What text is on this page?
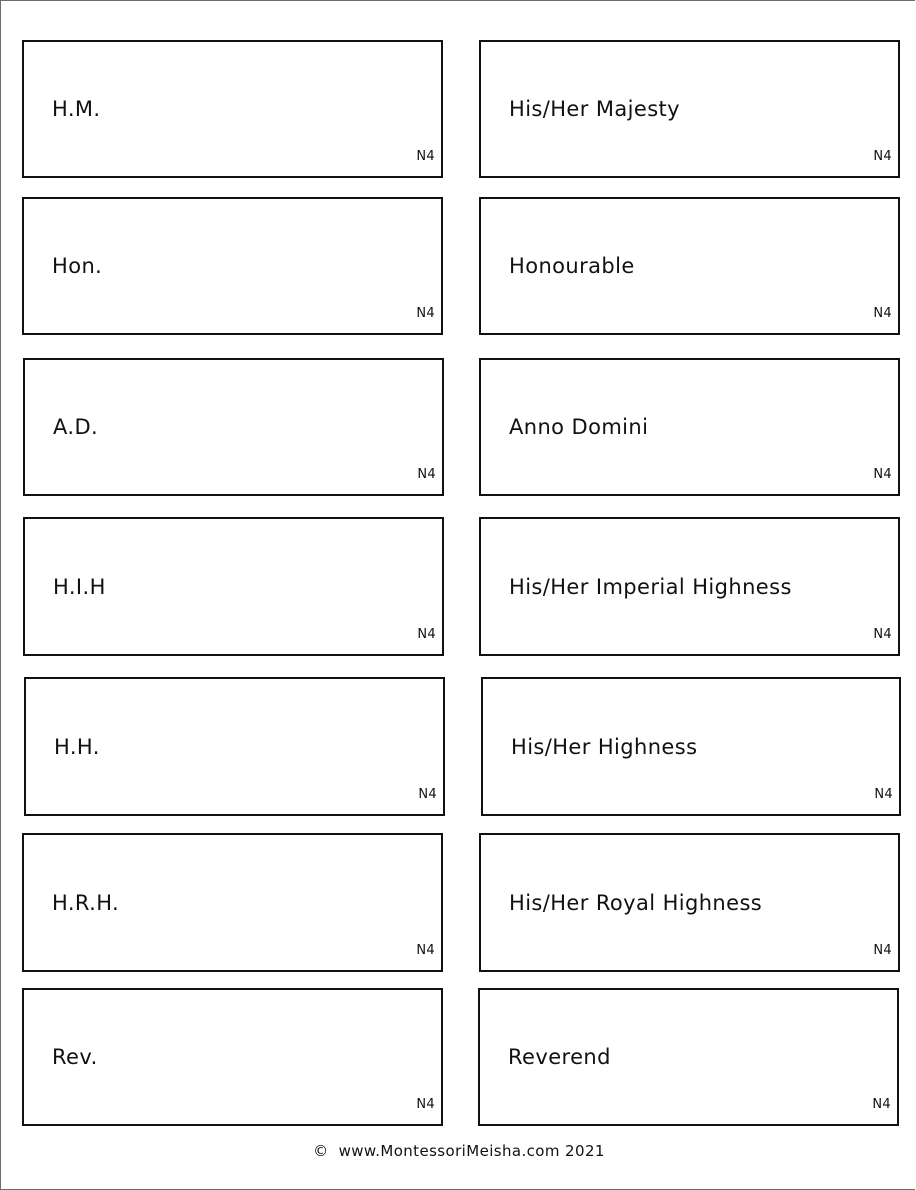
H.M.
N4
His/Her Majesty
N4
Hon.
N4
Honourable
N4
A.D.
N4
Anno Domini
N4
H.I.H
N4
His/Her Imperial Highness
N4
H.H.
N4
His/Her Highness
N4
H.R.H.
N4
His/Her Royal Highness
N4
Rev.
N4
Reverend
N4
© www.MontessoriMeisha.com 2021
